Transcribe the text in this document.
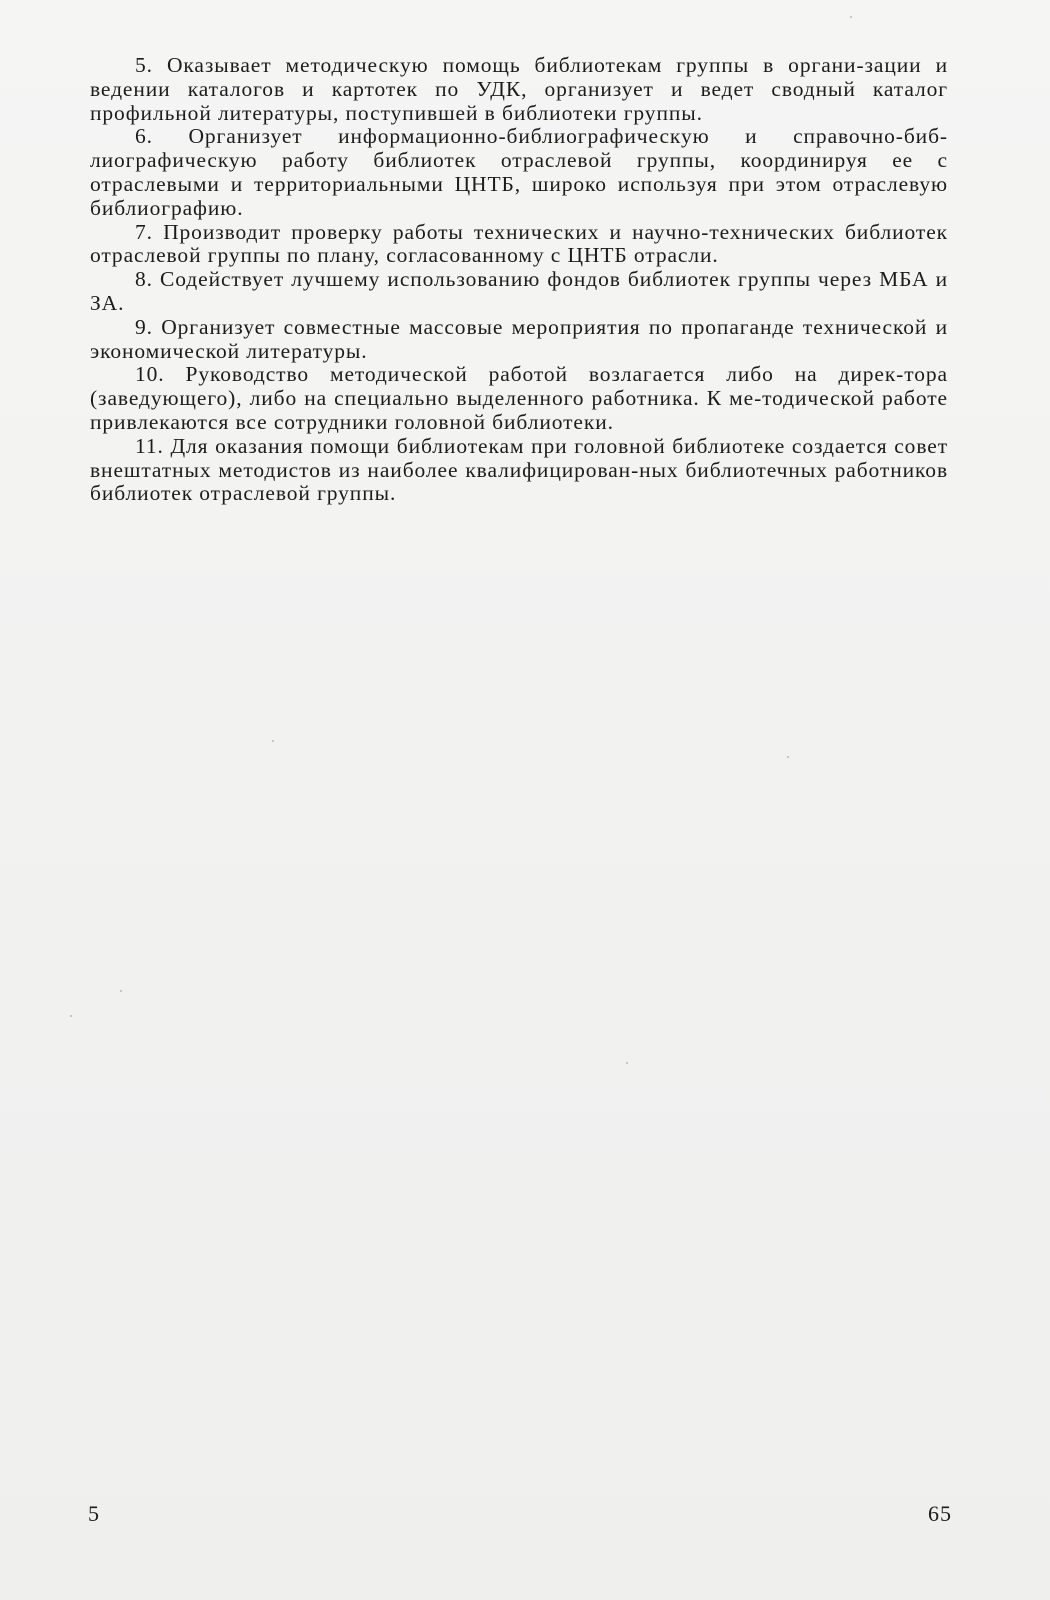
5. Оказывает методическую помощь библиотекам группы в органи-зации и ведении каталогов и картотек по УДК, организует и ведет сводный каталог профильной литературы, поступившей в библиотеки группы.

6. Организует информационно-библиографическую и справочно-биб-лиографическую работу библиотек отраслевой группы, координируя ее с отраслевыми и территориальными ЦНТБ, широко используя при этом отраслевую библиографию.

7. Производит проверку работы технических и научно-технических библиотек отраслевой группы по плану, согласованному с ЦНТБ отрасли.

8. Содействует лучшему использованию фондов библиотек группы через МБА и ЗА.

9. Организует совместные массовые мероприятия по пропаганде технической и экономической литературы.

10. Руководство методической работой возлагается либо на дирек-тора (заведующего), либо на специально выделенного работника. К ме-тодической работе привлекаются все сотрудники головной библиотеки.

11. Для оказания помощи библиотекам при головной библиотеке создается совет внештатных методистов из наиболее квалифицирован-ных библиотечных работников библиотек отраслевой группы.

5	65
